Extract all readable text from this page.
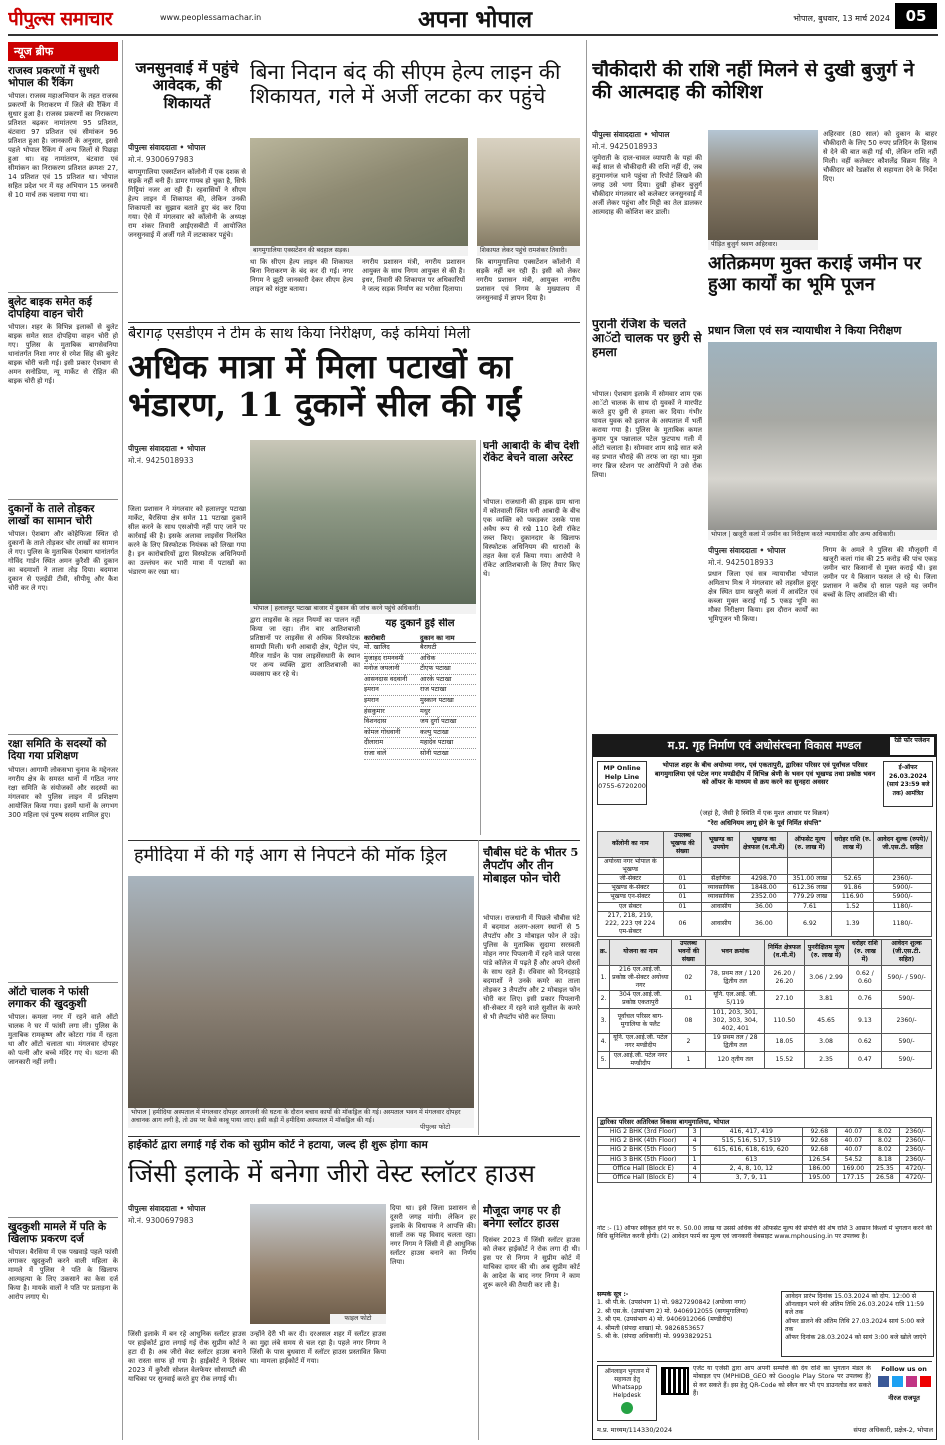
पीपुल्स समाचार	www.peoplessamachar.in	अपना भोपाल	भोपाल, बुधवार, 13 मार्च 2024	05
न्यूज ब्रीफ
राजस्व प्रकरणों में सुधरी भोपाल की रैंकिंग
भोपाल। राजस्व महाअभियान के तहत राजस्व प्रकरणों के निराकरण में जिले की रैंकिंग में सुधार हुआ है। राजस्व प्रकरणों का निराकरण प्रतिशत बढ़कर नामांतरण 95 प्रतिशत, बंटवारा 97 प्रतिशत एवं सीमांकन 96 प्रतिशत हुआ है। जानकारी के अनुसार, इससे पहले भोपाल रैंकिंग में अन्य जिलों से पिछड़ा हुआ था। वह नामांतरण, बंटवारा एवं सीमांकन का निराकरण प्रतिशत क्रमशः 27, 14 प्रतिशत एवं 15 प्रतिशत था। भोपाल सहित प्रदेश भर में यह अभियान 15 जनवरी से 10 मार्च तक चलाया गया था।
बुलेट बाइक समेत कई दोपहिया वाहन चोरी
भोपाल। शहर के विभिन्न इलाकों से बुलेट बाइक समेत सात दोपहिया वाहन चोरी हो गए। पुलिस के मुताबिक बागसेवनिया थानांतर्गत निशा नगर से रमेश सिंह की बुलेट बाइक चोरी चली गई। इसी प्रकार ऐशबाग से अमन सनोडिया, न्यू मार्केट से रोहित की बाइक चोरी हो गई।
दुकानों के ताले तोड़कर लाखों का सामान चोरी
भोपाल। ऐशबाग और कोहेफिजा स्थित दो दुकानों के ताले तोड़कर चोर लाखों का सामान ले गए। पुलिस के मुताबिक ऐशबाग थानांतर्गत गोविंद गार्डन स्थित अमन कुरैशी की दुकान का बदमाशों ने ताला तोड़ दिया। बदमाश दुकान से एलईडी टीवी, सीपीयू और कैश चोरी कर ले गए।
रक्षा समिति के सदस्यों को दिया गया प्रशिक्षण
भोपाल। आगामी लोकसभा चुनाव के मद्देनजर नगरीय क्षेत्र के समस्त थानों में गठित नगर रक्षा समिति के संयोजकों और सदस्यों का मंगलवार को पुलिस लाइन में प्रशिक्षण आयोजित किया गया। इसमें थानों के लगभग 300 महिला एवं पुरुष सदस्य शामिल हुए।
ऑटो चालक ने फांसी लगाकर की खुदकुशी
भोपाल। कमला नगर में रहने वाले ऑटो चालक ने घर में फांसी लगा ली। पुलिस के मुताबिक रामकृष्ण और कोटरा गांव में रहता था और ऑटो चलाता था। मंगलवार दोपहर को पत्नी और बच्चे मंदिर गए थे। घटना की जानकारी नहीं लगी।
खुदकुशी मामले में पति के खिलाफ प्रकरण दर्ज
भोपाल। बैरसिया में एक पखवाड़े पहले फांसी लगाकर खुदकुशी करने वाली महिला के मामले में पुलिस ने पति के खिलाफ आत्महत्या के लिए उकसाने का केस दर्ज किया है। मायके वालों ने पति पर प्रताड़ना के आरोप लगाए थे।
जनसुनवाई में पहुंचे आवेदक, की शिकायतें
बिना निदान बंद की सीएम हेल्प लाइन की शिकायत, गले में अर्जी लटका कर पहुंचे
पीपुल्स संवाददाता • भोपाल
मो.नं. 9300697983
बागमुगालिया एक्सटेंशन कॉलोनी में एक दशक से सड़कें नहीं बनी हैं। डामर गायब हो चुका है, सिर्फ गिट्टियां नजर आ रही हैं। रहवासियों ने सीएम हेल्प लाइन में शिकायत की, लेकिन उनकी शिकायतों का सुझाव बताते हुए बंद कर दिया गया। ऐसे में मंगलवार को कॉलोनी के अध्यक्ष राम शंकर तिवारी आईएसबीटी में आयोजित जनसुनवाई में अर्जी गले में लटकाकर पहुंचे।
बागमुगालिया एक्सटेंशन की बदहाल सड़क।	शिकायत लेकर पहुंचे रामशंकर तिवारी।
था कि सीएम हेल्प लाइन की शिकायत बिना निराकरण के बंद कर दी गई। नगर निगम ने झूठी जानकारी देकर सीएम हेल्प लाइन को संतुष्ट बताया।
नगरीय प्रशासन मंत्री, नगरीय प्रशासन आयुक्त के साथ निगम आयुक्त से की है। इधर, तिवारी की शिकायत पर अधिकारियों ने जल्द सड़क निर्माण का भरोसा दिलाया।
कि बागमुगालिया एक्सटेंशन कॉलोनी में सड़कें नहीं बन रही हैं। इसी को लेकर नगरीय प्रशासन मंत्री, आयुक्त नगरीय प्रशासन एवं निगम के मुख्यालय में जनसुनवाई में ज्ञापन दिया है।
चौकीदारी की राशि नहीं मिलने से दुखी बुजुर्ग ने की आत्मदाह की कोशिश
पीपुल्स संवाददाता • भोपाल
मो.नं. 9425018933
जुमेराती के दाल-चावल व्यापारी के यहां की कई साल से चौकीदारी की राशि नहीं दी, जब हनुमानगंज थाने पहुंचा तो रिपोर्ट लिखने की जगह उसे भगा दिया। दुखी होकर बुजुर्ग चौकीदार मंगलवार को कलेक्टर जनसुनवाई में अर्जी लेकर पहुंचा और मिट्टी का तेल डालकर आत्मदाह की कोशिश कर डाली।
पीड़ित बुजुर्ग श्रवण अहिरवार।
अहिरवार (80 साल) को दुकान के बाहर चौकीदारी के लिए 50 रुपए प्रतिदिन के हिसाब से देने की बात कही गई थी, लेकिन राशि नहीं मिली। वहीं कलेक्टर कौशलेंद्र विक्रम सिंह ने चौकीदार को रेडक्रॉस से सहायता देने के निर्देश दिए।
बैरागढ़ एसडीएम ने टीम के साथ किया निरीक्षण, कई कमियां मिली
अधिक मात्रा में मिला पटाखों का भंडारण, 11 दुकानें सील की गईं
पीपुल्स संवाददाता • भोपाल
मो.नं. 9425018933
भोपाल | हलालपुर पटाखा बाजार में दुकान की जांच करने पहुंचे अधिकारी।
जिला प्रशासन ने मंगलवार को हलालपुर पटाखा मार्केट, बैरसिया क्षेत्र समेत 11 पटाखा दुकानें सील करने के साथ एसओपी नहीं पाए जाने पर कार्रवाई की है। इसके अलावा लाइसेंस निलंबित करने के लिए विस्फोटक नियंत्रक को लिखा गया है। इन कारोबारियों द्वारा विस्फोटक अधिनियमों का उल्लंघन कर भारी मात्रा में पटाखों का भंडारण कर रखा था।
द्वारा लाइसेंस के तहत नियमों का पालन नहीं किया जा रहा। तीन बार आतिशबाजी प्रतिष्ठानों पर लाइसेंस से अधिक विस्फोटक सामग्री मिली। घनी आबादी क्षेत्र, पेट्रोल पंप, मैरिज गार्डन के पास लाइसेंसधारी के स्थान पर अन्य व्यक्ति द्वारा आतिशबाजी का व्यवसाय कर रहे थे।
यह दुकानें हुईं सील
कारोबारी	दुकान का नाम
मो. खालिद	बैराघटी
मुजाहद रामनवमी	अधिक
मनोज जयलानी	टीएफ पटाखा
आसनदास वदवानी	आरके पटाखा
इमरान	राज पटाखा
इमरान	मुस्कान पटाखा
हंसकुमार	मधुर
विशनदास	जय दुर्गा पटाखा
कोमल गोधवानी	कल्पु पटाखा
दीलाराम	महादेव पटाखा
राजा वाले	सोनी पटाखा
घनी आबादी के बीच देशी रॉकेट बेचने वाला अरेस्ट
भोपाल। राजधानी की हाइक ग्राम थाना में कोतवाली स्थित घनी आबादी के बीच एक व्यक्ति को पकड़कर उसके पास अवैध रूप से रखे 110 देशी रॉकेट जब्त किए। दुकानदार के खिलाफ विस्फोटक अधिनियम की धाराओं के तहत केस दर्ज किया गया। आरोपी ने रॉकेट आतिशबाजी के लिए तैयार किए थे।
पुरानी रंजिश के चलते आॅटो चालक पर छुरी से हमला
भोपाल। ऐशबाग इलाके में सोमवार शाम एक आॅटो चालक के साथ दो युवकों ने मारपीट करते हुए छुरी से हमला कर दिया। गंभीर घायल युवक को इलाज के अस्पताल में भर्ती कराया गया है। पुलिस के मुताबिक कमल कुमार पुत्र पन्नालाल पटेल फुटपाथ गली में ऑटो चलाता है। सोमवार शाम साढ़े सात बजे वह प्रभात चौराहे की तरफ जा रहा था। मुन्ना नगर ब्रिज स्टेशन पर आरोपियों ने उसे रोक लिया।
अतिक्रमण मुक्त कराई जमीन पर हुआ कार्यों का भूमि पूजन
प्रधान जिला एवं सत्र न्यायाधीश ने किया निरीक्षण
भोपाल | खजूरी कलां में जमीन का निरीक्षण करते न्यायाधीश और अन्य अधिकारी।
पीपुल्स संवाददाता • भोपाल
मो.नं. 9425018933
प्रधान जिला एवं सत्र न्यायाधीश भोपाल अमिताभ मिश्र ने मंगलवार को तहसील हुजूर क्षेत्र स्थित ग्राम खजूरी कलां में आवंटित एवं कब्जा मुक्त कराई गई 5 एकड़ भूमि का मौका निरीक्षण किया। इस दौरान कार्यों का भूमिपूजन भी किया।
निगम के अमले ने पुलिस की मौजूदगी में खजूरी कलां गांव की 25 करोड़ की पांच एकड़ जमीन चार किसानों से मुक्त कराई थी। इस जमीन पर ये किसान फसल ले रहे थे। जिला प्रशासन ने करीब दो साल पहले यह जमीन बच्चों के लिए आवंटित की थी।
हमीदिया में की गई आग से निपटने की मॉक ड्रिल
भोपाल | हमीदिया अस्पताल में मंगलवार दोपहर आगजनी की घटना के दौरान बचाव कार्यों की मॉकड्रिल की गई। अस्पताल भवन में मंगलवार दोपहर अचानक आग लगी है, तो उस पर कैसे काबू पाया जाए। इसी कड़ी में हमीदिया अस्पताल में मॉकड्रिल की गई।
पीपुल्स फोटो
चौबीस घंटे के भीतर 5 लैपटॉप और तीन मोबाइल फोन चोरी
भोपाल। राजधानी में पिछले चौबीस घंटे में बदमाश अलग-अलग स्थानों से 5 लैपटॉप और 3 मोबाइल फोन ले उड़े। पुलिस के मुताबिक सुदामा सरस्वती मोहन नगर पिपलानी में रहने वाले पारस पांडे कॉलेज में पढ़ते हैं और अपने दोस्तों के साथ रहते हैं। रविवार को दिनदहाड़े बदमाशों ने उनके कमरे का ताला तोड़कर 3 लैपटॉप और 2 मोबाइल फोन चोरी कर लिए। इसी प्रकार पिपलानी सी-सेक्टर में रहने वाले सुशील के कमरे से भी लैपटॉप चोरी कर लिया।
हाईकोर्ट द्वारा लगाई गई रोक को सुप्रीम कोर्ट ने हटाया, जल्द ही शुरू होगा काम
जिंसी इलाके में बनेगा जीरो वेस्ट स्लॉटर हाउस
पीपुल्स संवाददाता • भोपाल
मो.नं. 9300697983
फाइल फोटो
जिंसी इलाके में बन रहे आधुनिक स्लॉटर हाउस पर हाईकोर्ट द्वारा लगाई गई रोक सुप्रीम कोर्ट ने हटा दी है। अब जीरो वेस्ट स्लॉटर हाउस बनाने का रास्ता साफ हो गया है। हाईकोर्ट ने दिसंबर 2023 में कुरैशी सोशल वेलफेयर सोसायटी की याचिका पर सुनवाई करते हुए रोक लगाई थी।
उन्होंने देरी भी कर दी। दरअसल शहर में स्लॉटर हाउस का मुद्दा लंबे समय से चल रहा है। पहले नगर निगम ने जिंसी के पास बुधवारा में स्लॉटर हाउस प्रस्तावित किया था। मामला हाईकोर्ट में गया।
दिया था। इसे जिला प्रशासन से दूसरी जगह मांगी। लेकिन हर इलाके के विधायक ने आपत्ति की। सालों तक यह विवाद चलता रहा। नगर निगम ने जिंसी में ही आधुनिक स्लॉटर हाउस बनाने का निर्णय लिया।
मौजूदा जगह पर ही बनेगा स्लॉटर हाउस
दिसंबर 2023 में जिंसी स्लॉटर हाउस को लेकर हाईकोर्ट ने रोक लगा दी थी। इस पर से निगम ने सुप्रीम कोर्ट में याचिका दायर की थी। अब सुप्रीम कोर्ट के आदेश के बाद नगर निगम ने काम शुरू करने की तैयारी कर ली है।
म.प्र. गृह निर्माण एवं अधोसंरचना विकास मण्डल	रेडी फॉर पजेशन
MP Online Help Line
0755-6720200
भोपाल शहर के बीच अयोध्या नगर, एवं एकतापुरी, द्वारिका परिसर एवं पूर्वांचल परिसर बागमुगालिया एवं पटेल नगर मण्डीदीप में विभिन्न श्रेणी के भवन एवं भूखण्ड तथा प्रकोष्ठ भवन को ऑफर के माध्यम से क्रय करने का सुनहरा अवसर
ई-ऑफर 26.03.2024 (सायं 23:59 बजे तक) आमंत्रित
(जहां है, जैसी है स्थिति में एक मुश्त आधार पर विक्रय)
"रेरा अधिनियम लागू होने के पूर्व निर्मित संपत्ति"
कॉलोनी का नाम	उपलब्ध भूखण्ड की संख्या	भूखण्ड का उपयोग	भूखण्ड का क्षेत्रफल (व.मी.में)	ऑफसेट मूल्य (रु. लाख में)	धरोहर राशि (रु. लाख में)	आवेदन शुल्क (रुपये)/जी.एस.टी. सहित
अयोध्या नगर भोपाल के भूखण्ड						
जी-सेक्टर	01	सैक्षणिक	4298.70	351.00 लाख	52.65	2360/-
भूखण्ड के-सेक्टर	01	व्यावसायिक	1848.00	612.36 लाख	91.86	5900/-
भूखण्ड एन-सेक्टर	01	व्यावसायिक	2352.00	779.29 लाख	116.90	5900/-
एल सेक्टर	01	आवासीय	36.00	7.61	1.52	1180/-
217, 218, 219, 222, 223 एवं 224 एम-सेक्टर	06	आवासीय	36.00	6.92	1.39	1180/-
क्र.	योजना का नाम	उपलब्ध भवनों की संख्या	भवन क्रमांक	निर्मित क्षेत्रफल (व.मी.में)	पुनरीक्षितम मूल्य (रु. लाख में)	धरोहर राशि (रु. लाख में)	आवेदन शुल्क (जी.एस.टी. सहित)
1.	216 एल.आई.जी. प्रकोष्ठ जी-सेक्टर अयोध्या नगर	02	78, प्रथम तल / 120 द्वितीय तल	26.20 / 26.20	3.06 / 2.99	0.62 / 0.60	590/- / 590/-
2.	304 एल.आई.जी. प्रकोष्ठ एकतापुरी	01	यूनि. एल.आई. जी. 5/119	27.10	3.81	0.76	590/-
3.	पूर्वांचल परिसर बाग-मुगालिया के फ्लैट	08	101, 203, 301, 302, 303, 304, 402, 401	110.50	45.65	9.13	2360/-
4.	यूनि. एल.आई.जी. पटेल नगर मण्डीदीप	2	19 प्रथम तल / 28 द्वितीय तल	18.05	3.08	0.62	590/-
5.	एल.आई.जी. पटेल नगर मण्डीदीप	1	120 तृतीय तल	15.52	2.35	0.47	590/-
द्वारिका परिसर अतिरिक्त विकास बागमुगालिया, भोपाल
HIG 2 BHK (3rd Floor)	3	416, 417, 419	92.68	40.07	8.02	2360/-
HIG 2 BHK (4th Floor)	4	515, 516, 517, 519	92.68	40.07	8.02	2360/-
HIG 2 BHK (5th Floor)	5	615, 616, 618, 619, 620	92.68	40.07	8.02	2360/-
HIG 3 BHK (5th Floor)	1	613	126.54	54.52	8.18	2360/-
Office Hall (Block E)	4	2, 4, 8, 10, 12	186.00	169.00	25.35	4720/-
Office Hall (Block E)	4	3, 7, 9, 11	195.00	177.15	26.58	4720/-
नोट :- (1) ऑफर स्वीकृत होने पर रु. 50.00 लाख या उससे अधिक की ऑफसेट मूल्य की संपत्ति की शेष राशि 3 आसान किश्तों में भुगतान करने की विधि सुनिश्चित करनी होगी। (2) आवेदन फार्म का मूल्य एवं जानकारी वेबसाइट www.mphousing.in पर उपलब्ध है।
सम्पर्क सूत्र :-
1. श्री पी.के. (उपसंभाग 1) मो. 9827290842 (अयोध्या नगर)
2. श्री एस.के. (उपसंभाग 2) मो. 9406912055 (बागमुगालिया)
3. श्री एम. (उपसंभाग 4) मो. 9406912066 (मण्डीदीप)
4. श्रीमती (संपदा शाखा) मो. 9826853657
5. श्री के. (संपदा अधिकारी) मो. 9993829251
आवेदन प्रारंभ दिनांक 15.03.2024 को दोप. 12:00 से
ऑनलाइन भरने की अंतिम तिथि 26.03.2024 रात्रि 11:59 बजे तक
ऑफर डालने की अंतिम तिथि 27.03.2024 सायं 5:00 बजे तक
ऑफर दिनांक 28.03.2024 को सायं 3:00 बजे खोले जाएंगे
ऑनलाइन भुगतान में सहायता हेतु Whatsapp Helpdesk
एजेंट या एजेंसी द्वारा आप अपनी सम्पत्ति की देय राशि का भुगतान मंडल के मोबाइल एप (MPHIDB_GEO को Google Play Store पर उपलब्ध है) से कर सकते हैं। इस हेतु QR-Code को स्कैन कर भी एप डाउनलोड कर सकते हैं।
Follow us on
नीरज राजपूत
म.प्र. माध्यम/114330/2024	संपदा अधिकारी, प्रक्षेत्र-2, भोपाल
